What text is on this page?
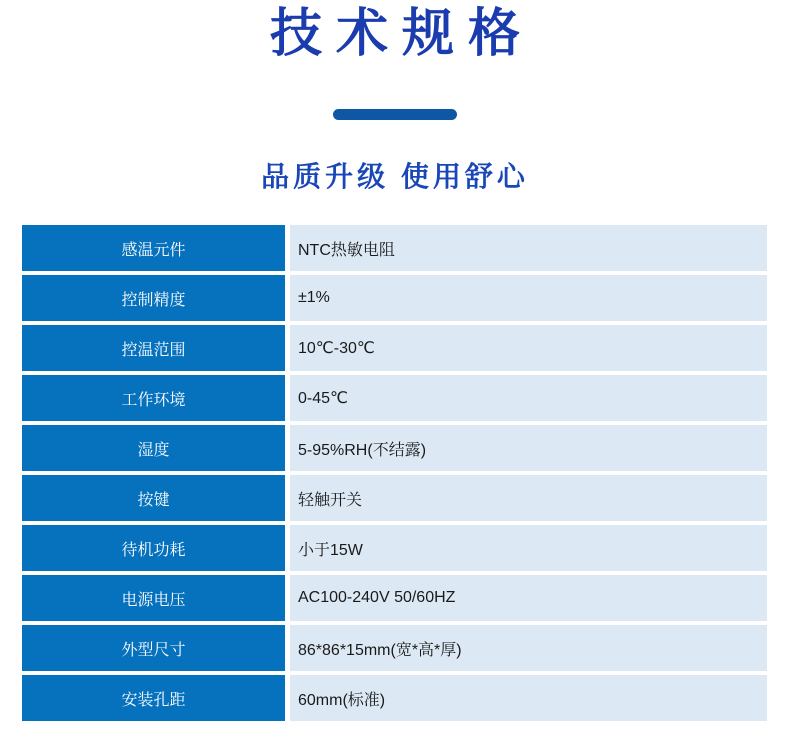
技术规格
品质升级 使用舒心
感温元件	NTC热敏电阻
控制精度	±1%
控温范围	10℃-30℃
工作环境	0-45℃
湿度	5-95%RH(不结露)
按键	轻触开关
待机功耗	小于15W
电源电压	AC100-240V 50/60HZ
外型尺寸	86*86*15mm(宽*高*厚)
安装孔距	60mm(标准)
